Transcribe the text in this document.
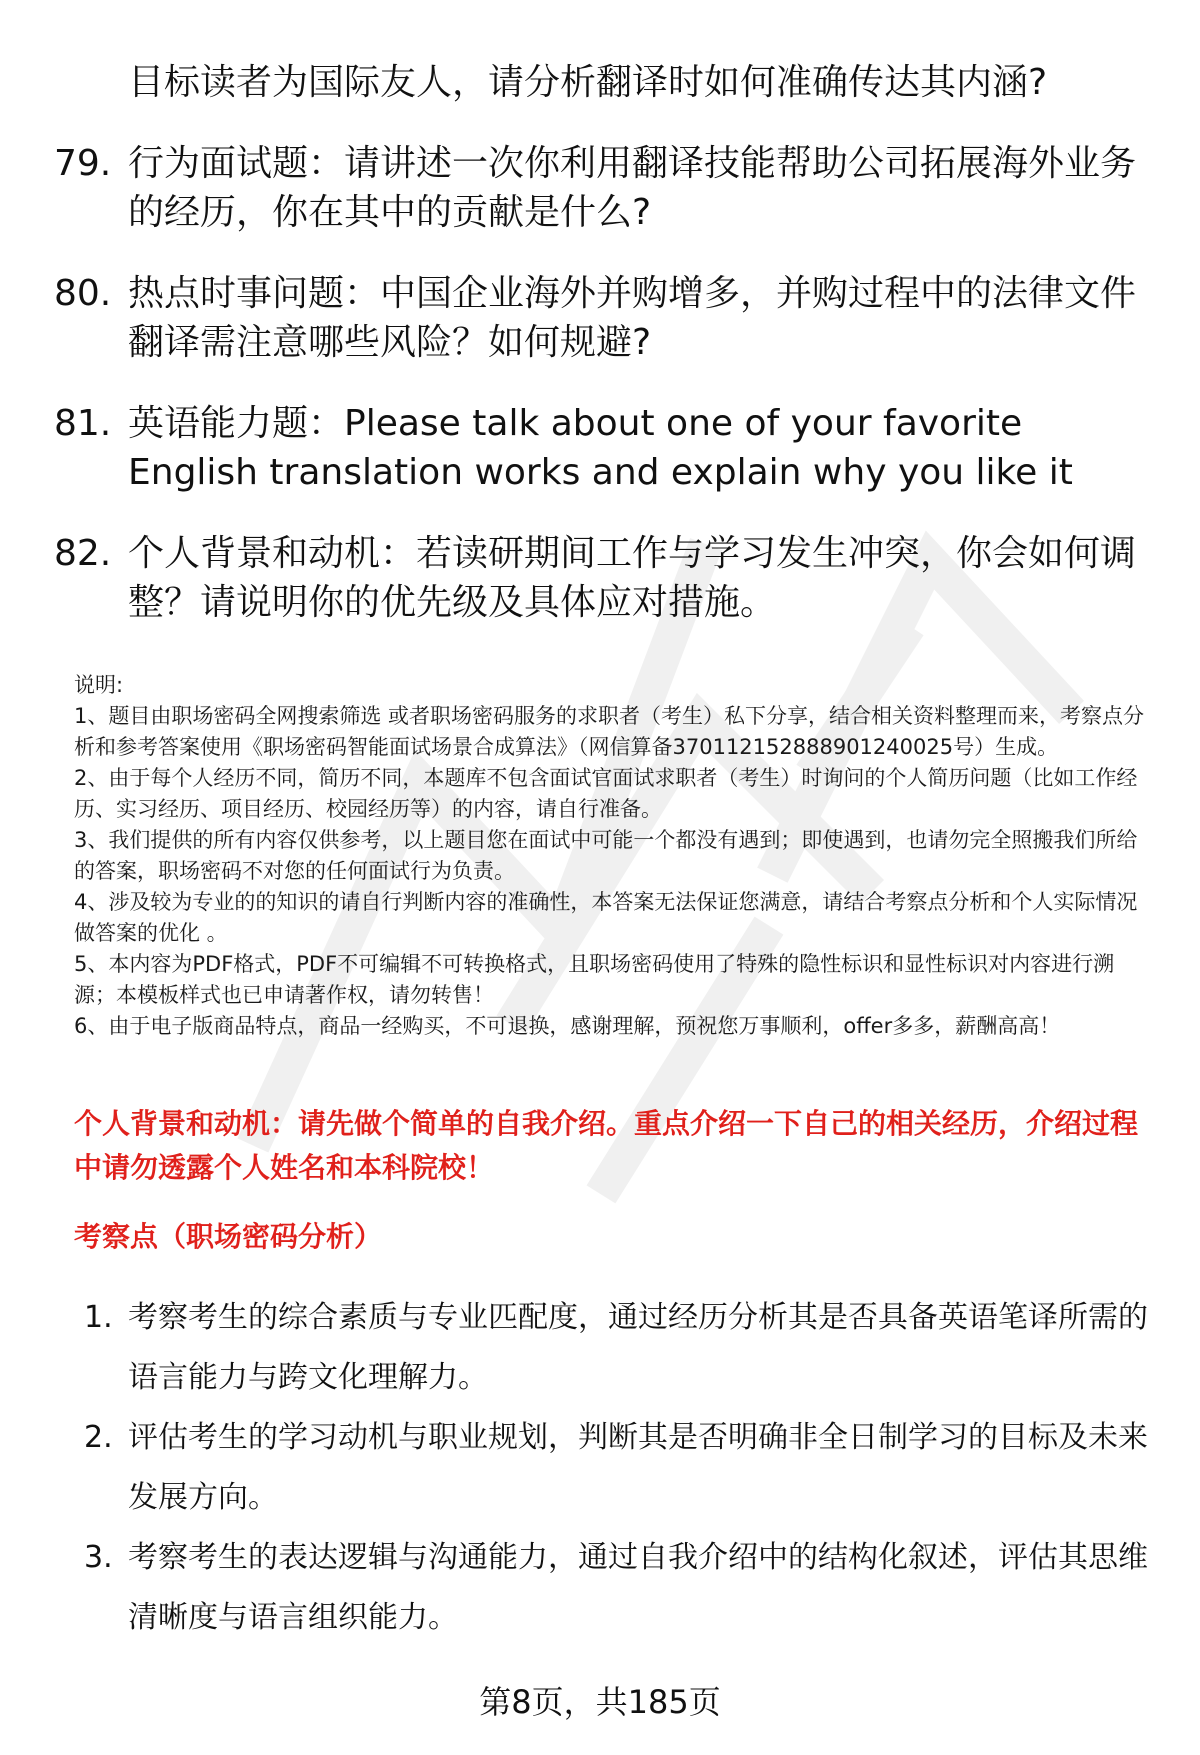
目标读者为国际友人，请分析翻译时如何准确传达其内涵?
79. 行为面试题：请讲述一次你利用翻译技能帮助公司拓展海外业务的经历，你在其中的贡献是什么?
80. 热点时事问题：中国企业海外并购增多，并购过程中的法律文件翻译需注意哪些风险？如何规避?
81. 英语能力题：Please talk about one of your favorite English translation works and explain why you like it
82. 个人背景和动机：若读研期间工作与学习发生冲突，你会如何调整？请说明你的优先级及具体应对措施。
说明:
1、题目由职场密码全网搜索筛选 或者职场密码服务的求职者（考生）私下分享，结合相关资料整理而来，考察点分析和参考答案使用《职场密码智能面试场景合成算法》（网信算备370112152888901240025号）生成。
2、由于每个人经历不同，简历不同，本题库不包含面试官面试求职者（考生）时询问的个人简历问题（比如工作经历、实习经历、项目经历、校园经历等）的内容，请自行准备。
3、我们提供的所有内容仅供参考，以上题目您在面试中可能一个都没有遇到；即使遇到，也请勿完全照搬我们所给的答案，职场密码不对您的任何面试行为负责。
4、涉及较为专业的的知识的请自行判断内容的准确性，本答案无法保证您满意，请结合考察点分析和个人实际情况做答案的优化 。
5、本内容为PDF格式，PDF不可编辑不可转换格式，且职场密码使用了特殊的隐性标识和显性标识对内容进行溯源；本模板样式也已申请著作权，请勿转售！
6、由于电子版商品特点，商品一经购买，不可退换，感谢理解，预祝您万事顺利，offer多多，薪酬高高！
个人背景和动机：请先做个简单的自我介绍。重点介绍一下自己的相关经历，介绍过程中请勿透露个人姓名和本科院校！
考察点（职场密码分析）
1. 考察考生的综合素质与专业匹配度，通过经历分析其是否具备英语笔译所需的语言能力与跨文化理解力。
2. 评估考生的学习动机与职业规划，判断其是否明确非全日制学习的目标及未来发展方向。
3. 考察考生的表达逻辑与沟通能力，通过自我介绍中的结构化叙述，评估其思维清晰度与语言组织能力。
第8页，共185页
